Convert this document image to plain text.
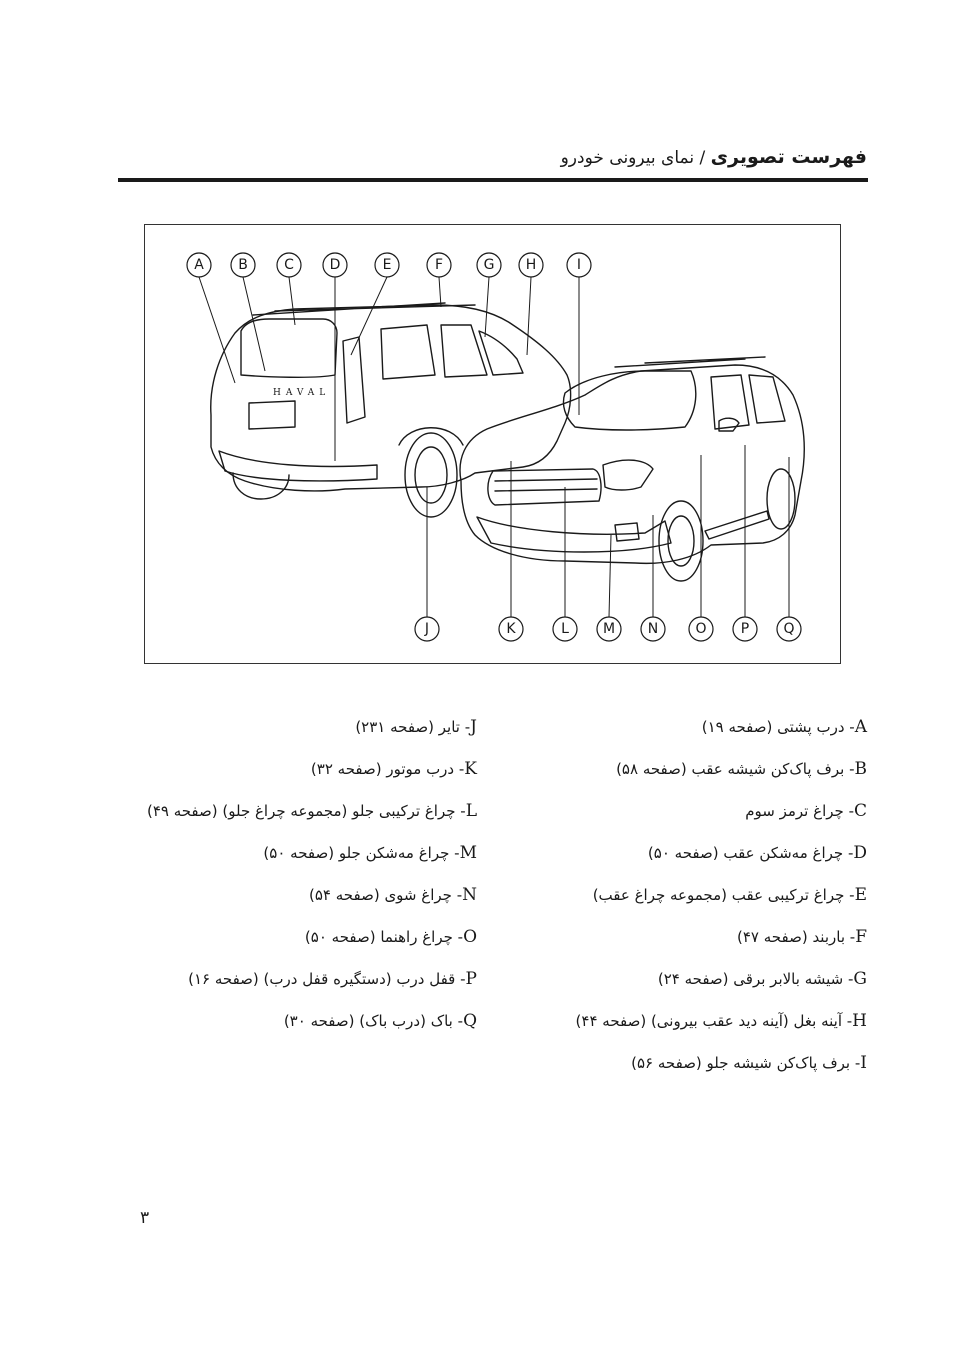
فهرست تصویری / نمای بیرونی خودرو
HAVAL
A B	C	D	E	F	G H	I
J	K	L M N	O P Q
A- درب پشتی (صفحه ۱۹)
B- برف پاک‌کن شیشه عقب (صفحه ۵۸)
C- چراغ ترمز سوم
D- چراغ مه‌شکن عقب (صفحه ۵۰)
E- چراغ ترکیبی عقب (مجموعه چراغ عقب)
F- باربند (صفحه ۴۷)
G- شیشه بالابر برقی (صفحه ۲۴)
H- آینه بغل (آینه دید عقب بیرونی) (صفحه ۴۴)
I- برف پاک‌کن شیشه جلو (صفحه ۵۶)
J- تایر (صفحه ۲۳۱)
K- درب موتور (صفحه ۳۲)
L- چراغ ترکیبی جلو (مجموعه چراغ جلو) (صفحه ۴۹)
M- چراغ مه‌شکن جلو (صفحه ۵۰)
N- چراغ شوی (صفحه ۵۴)
O- چراغ راهنما (صفحه ۵۰)
P- قفل درب (دستگیره قفل درب) (صفحه ۱۶)
Q- باک (درب باک) (صفحه ۳۰)
۳
